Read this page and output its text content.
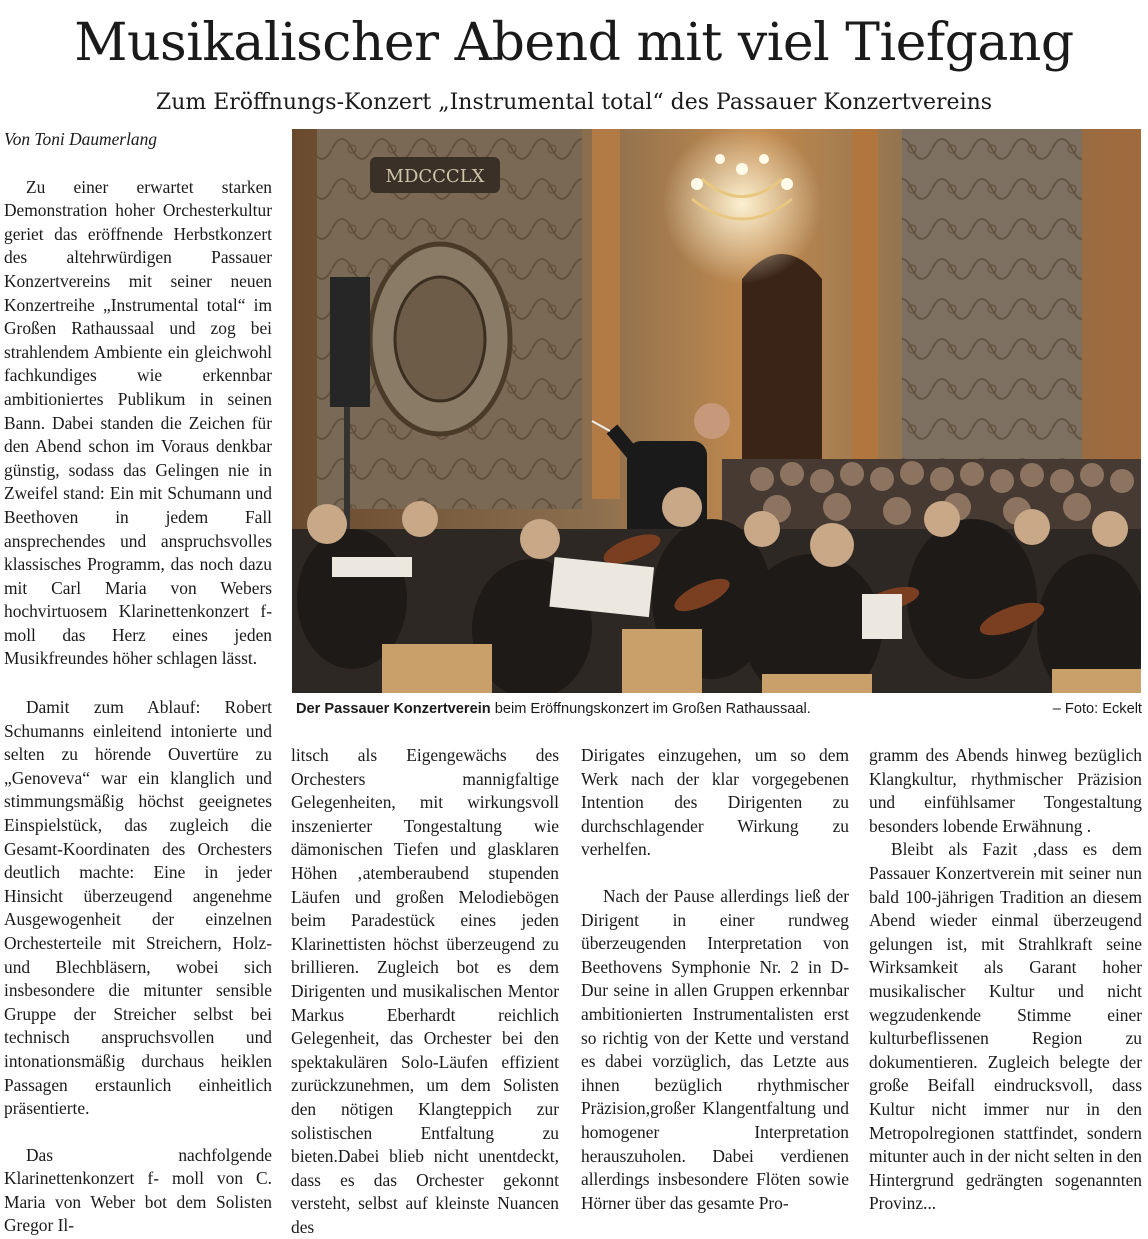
Musikalischer Abend mit viel Tiefgang
Zum Eröffnungs-Konzert „Instrumental total“ des Passauer Konzertvereins

Von Toni Daumerlang

Zu einer erwartet starken Demonstration hoher Orchesterkultur geriet das eröffnende Herbstkonzert des altehrwürdigen Passauer Konzertvereins mit seiner neuen Konzertreihe „Instrumental total“ im Großen Rathaussaal und zog bei strahlendem Ambiente ein gleichwohl fachkundiges wie erkennbar ambitioniertes Publikum in seinen Bann. Dabei standen die Zeichen für den Abend schon im Voraus denkbar günstig, sodass das Gelingen nie in Zweifel stand: Ein mit Schumann und Beethoven in jedem Fall ansprechendes und anspruchsvolles klassisches Programm, das noch dazu mit Carl Maria von Webers hochvirtuosem Klarinettenkonzert f-moll das Herz eines jeden Musikfreundes höher schlagen lässt.

MDCCCLX
Der Passauer Konzertverein beim Eröffnungskonzert im Großen Rathaussaal.	– Foto: Eckelt

Damit zum Ablauf: Robert Schumanns einleitend intonierte und selten zu hörende Ouvertüre zu „Genoveva“ war ein klanglich und stimmungsmäßig höchst geeignetes Einspielstück, das zugleich die Gesamt-Koordinaten des Orchesters deutlich machte: Eine in jeder Hinsicht überzeugend angenehme Ausgewogenheit der einzelnen Orchesterteile mit Streichern, Holz- und Blechbläsern, wobei sich insbesondere die mitunter sensible Gruppe der Streicher selbst bei technisch anspruchsvollen und intonationsmäßig durchaus heiklen Passagen erstaunlich einheitlich präsentierte.

Das nachfolgende Klarinettenkonzert f- moll von C. Maria von Weber bot dem Solisten Gregor Il-

litsch als Eigengewächs des Orchesters mannigfaltige Gelegenheiten, mit wirkungsvoll inszenierter Tongestaltung wie dämonischen Tiefen und glasklaren Höhen ‚atemberaubend stupenden Läufen und großen Melodiebögen beim Paradestück eines jeden Klarinettisten höchst überzeugend zu brillieren. Zugleich bot es dem Dirigenten und musikalischen Mentor Markus Eberhardt reichlich Gelegenheit, das Orchester bei den spektakulären Solo-Läufen effizient zurückzunehmen, um dem Solisten den nötigen Klangteppich zur solistischen Entfaltung zu bieten.Dabei blieb nicht unentdeckt, dass es das Orchester gekonnt versteht, selbst auf kleinste Nuancen des

Dirigates einzugehen, um so dem Werk nach der klar vorgegebenen Intention des Dirigenten zu durchschlagender Wirkung zu verhelfen.

Nach der Pause allerdings ließ der Dirigent in einer rundweg überzeugenden Interpretation von Beethovens Symphonie Nr. 2 in D-Dur seine in allen Gruppen erkennbar ambitionierten Instrumentalisten erst so richtig von der Kette und verstand es dabei vorzüglich, das Letzte aus ihnen bezüglich rhythmischer Präzision,großer Klangentfaltung und homogener Interpretation herauszuholen. Dabei verdienen allerdings insbesondere Flöten sowie Hörner über das gesamte Pro-

gramm des Abends hinweg bezüglich Klangkultur, rhythmischer Präzision und einfühlsamer Tongestaltung besonders lobende Erwähnung .

Bleibt als Fazit ‚dass es dem Passauer Konzertverein mit seiner nun bald 100-jährigen Tradition an diesem Abend wieder einmal überzeugend gelungen ist, mit Strahlkraft seine Wirksamkeit als Garant hoher musikalischer Kultur und nicht wegzudenkende Stimme einer kulturbeflissenen Region zu dokumentieren. Zugleich belegte der große Beifall eindrucksvoll, dass Kultur nicht immer nur in den Metropolregionen stattfindet, sondern mitunter auch in der nicht selten in den Hintergrund gedrängten sogenannten Provinz...
